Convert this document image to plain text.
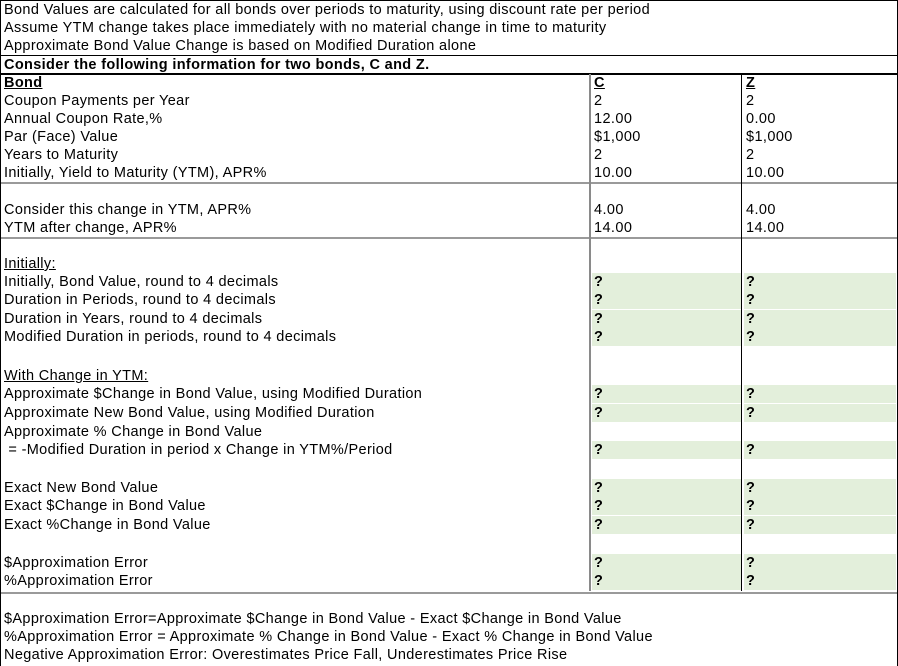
Bond Values are calculated for all bonds over periods to maturity, using discount rate per period
Assume YTM change takes place immediately with no material change in time to maturity
Approximate Bond Value Change is based on Modified Duration alone
Consider the following information for two bonds, C and Z.
Bond	C	Z
Coupon Payments per Year	2	2
Annual Coupon Rate,%	12.00	0.00
Par (Face) Value	$1,000	$1,000
Years to Maturity	2	2
Initially, Yield to Maturity (YTM), APR%	10.00	10.00
Consider this change in YTM, APR%	4.00	4.00
YTM after change, APR%	14.00	14.00
Initially:
Initially, Bond Value, round to 4 decimals	?	?
Duration in Periods, round to 4 decimals	?	?
Duration in Years, round to 4 decimals	?	?
Modified Duration in periods, round to 4 decimals	?	?
With Change in YTM:
Approximate $Change in Bond Value, using Modified Duration	?	?
Approximate New Bond Value, using Modified Duration	?	?
Approximate % Change in Bond Value
= -Modified Duration in period x Change in YTM%/Period	?	?
Exact New Bond Value	?	?
Exact $Change in Bond Value	?	?
Exact %Change in Bond Value	?	?
$Approximation Error	?	?
%Approximation Error	?	?
$Approximation Error=Approximate $Change in Bond Value - Exact $Change in Bond Value
%Approximation Error = Approximate % Change in Bond Value - Exact % Change in Bond Value
Negative Approximation Error: Overestimates Price Fall, Underestimates Price Rise
